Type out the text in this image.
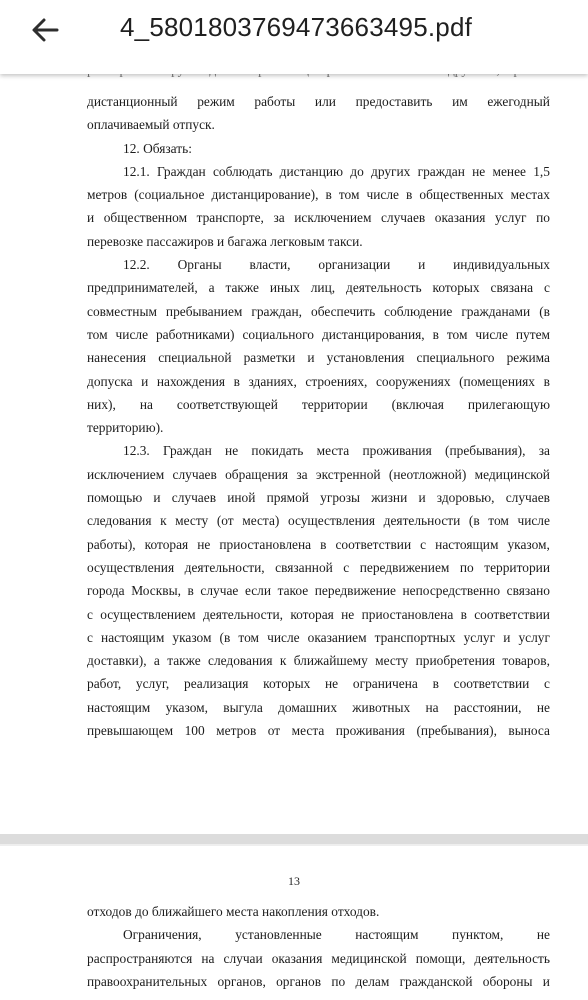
4_5801803769473663495.pdf
дистанционный режим работы или предоставить им ежегодный
оплачиваемый отпуск.
12. Обязать:
12.1. Граждан соблюдать дистанцию до других граждан не менее 1,5
метров (социальное дистанцирование), в том числе в общественных местах
и общественном транспорте, за исключением случаев оказания услуг по
перевозке пассажиров и багажа легковым такси.
12.2. Органы власти, организации и индивидуальных
предпринимателей, а также иных лиц, деятельность которых связана с
совместным пребыванием граждан, обеспечить соблюдение гражданами (в
том числе работниками) социального дистанцирования, в том числе путем
нанесения специальной разметки и установления специального режима
допуска и нахождения в зданиях, строениях, сооружениях (помещениях в
них), на соответствующей территории (включая прилегающую
территорию).
12.3. Граждан не покидать места проживания (пребывания), за
исключением случаев обращения за экстренной (неотложной) медицинской
помощью и случаев иной прямой угрозы жизни и здоровью, случаев
следования к месту (от места) осуществления деятельности (в том числе
работы), которая не приостановлена в соответствии с настоящим указом,
осуществления деятельности, связанной с передвижением по территории
города Москвы, в случае если такое передвижение непосредственно связано
с осуществлением деятельности, которая не приостановлена в соответствии
с настоящим указом (в том числе оказанием транспортных услуг и услуг
доставки), а также следования к ближайшему месту приобретения товаров,
работ, услуг, реализация которых не ограничена в соответствии с
настоящим указом, выгула домашних животных на расстоянии, не
превышающем 100 метров от места проживания (пребывания), выноса
13
отходов до ближайшего места накопления отходов.
Ограничения,	установленные	настоящим	пунктом,	не
распространяются на случаи оказания медицинской помощи, деятельность
правоохранительных органов, органов по делам гражданской обороны и
